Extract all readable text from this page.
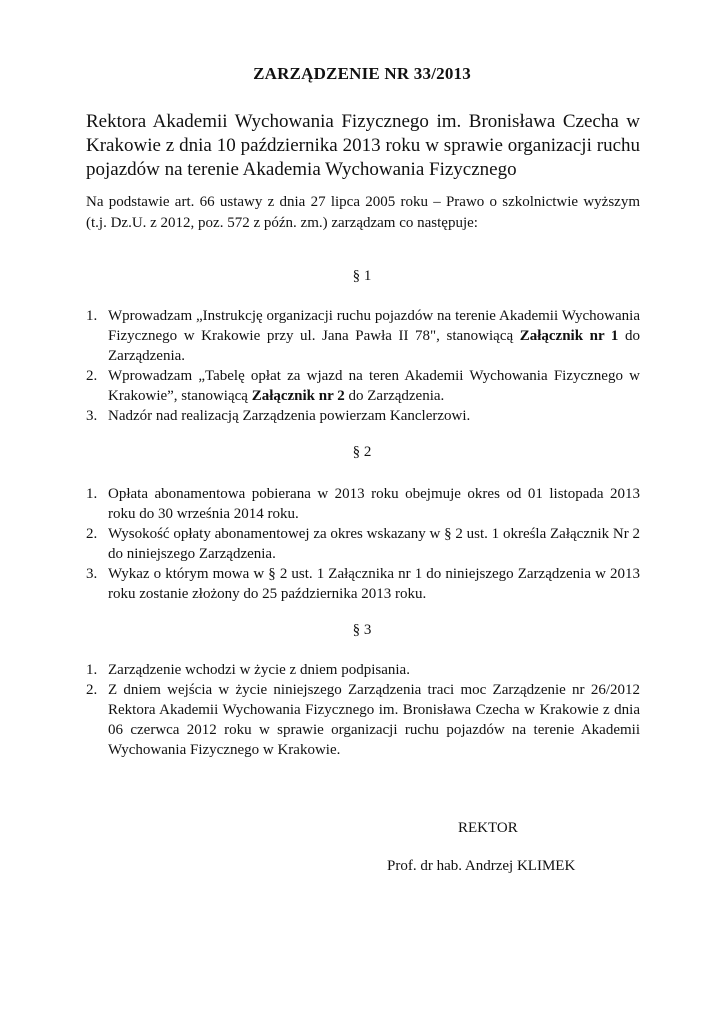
ZARZĄDZENIE NR 33/2013
Rektora Akademii Wychowania Fizycznego im. Bronisława Czecha w Krakowie z dnia 10 października 2013 roku w sprawie organizacji ruchu pojazdów na terenie Akademia Wychowania Fizycznego
Na podstawie art. 66 ustawy z dnia 27 lipca 2005 roku – Prawo o szkolnictwie wyższym (t.j. Dz.U. z 2012, poz. 572 z późn. zm.) zarządzam co następuje:
§ 1
1. Wprowadzam „Instrukcję organizacji ruchu pojazdów na terenie Akademii Wychowania Fizycznego w Krakowie przy ul. Jana Pawła II 78", stanowiącą Załącznik nr 1 do Zarządzenia.
2. Wprowadzam „Tabelę opłat za wjazd na teren Akademii Wychowania Fizycznego w Krakowie”, stanowiącą Załącznik nr 2 do Zarządzenia.
3. Nadzór nad realizacją Zarządzenia powierzam Kanclerzowi.
§ 2
1. Opłata abonamentowa pobierana w 2013 roku obejmuje okres od 01 listopada 2013 roku do 30 września 2014 roku.
2. Wysokość opłaty abonamentowej za okres wskazany w § 2 ust. 1 określa Załącznik Nr 2 do niniejszego Zarządzenia.
3. Wykaz o którym mowa w § 2 ust. 1 Załącznika nr 1 do niniejszego Zarządzenia w 2013 roku zostanie złożony do 25 października 2013 roku.
§ 3
1. Zarządzenie wchodzi w życie z dniem podpisania.
2. Z dniem wejścia w życie niniejszego Zarządzenia traci moc Zarządzenie nr 26/2012 Rektora Akademii Wychowania Fizycznego im. Bronisława Czecha w Krakowie z dnia 06 czerwca 2012 roku w sprawie organizacji ruchu pojazdów na terenie Akademii Wychowania Fizycznego w Krakowie.
REKTOR
Prof. dr hab. Andrzej KLIMEK
